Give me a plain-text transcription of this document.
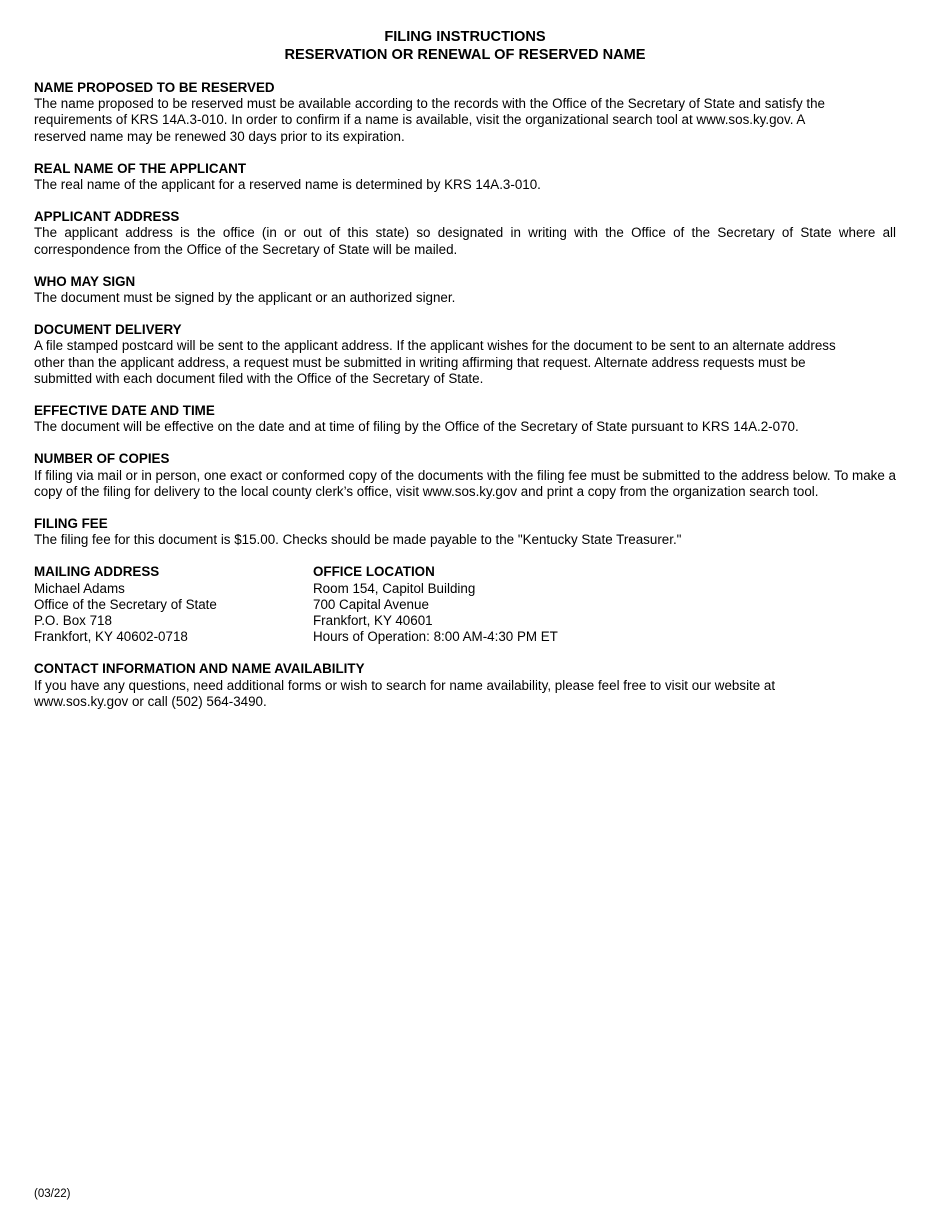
FILING INSTRUCTIONS

RESERVATION OR RENEWAL OF RESERVED NAME

NAME PROPOSED TO BE RESERVED

The name proposed to be reserved must be available according to the records with the Office of the Secretary of State and satisfy the
requirements of KRS 14A.3-010. In order to confirm if a name is available, visit the organizational search tool at www.sos.ky.gov. A
reserved name may be renewed 30 days prior to its expiration.

REAL NAME OF THE APPLICANT

The real name of the applicant for a reserved name is determined by KRS 14A.3-010.

APPLICANT ADDRESS

The applicant address is the office (in or out of this state) so designated in writing with the Office of the Secretary of State where all correspondence from the Office of the Secretary of State will be mailed.

WHO MAY SIGN

The document must be signed by the applicant or an authorized signer.

DOCUMENT DELIVERY

A file stamped postcard will be sent to the applicant address. If the applicant wishes for the document to be sent to an alternate address
other than the applicant address, a request must be submitted in writing affirming that request. Alternate address requests must be
submitted with each document filed with the Office of the Secretary of State.

EFFECTIVE DATE AND TIME

The document will be effective on the date and at time of filing by the Office of the Secretary of State pursuant to KRS 14A.2-070.

NUMBER OF COPIES

If filing via mail or in person, one exact or conformed copy of the documents with the filing fee must be submitted to the address below. To make a copy of the filing for delivery to the local county clerk’s office, visit www.sos.ky.gov and print a copy from the organization search tool.

FILING FEE

The filing fee for this document is $15.00. Checks should be made payable to the "Kentucky State Treasurer."

MAILING ADDRESS

Michael Adams
Office of the Secretary of State
P.O. Box 718
Frankfort, KY 40602-0718

OFFICE LOCATION

Room 154, Capitol Building
700 Capital Avenue
Frankfort, KY 40601
Hours of Operation: 8:00 AM-4:30 PM ET

CONTACT INFORMATION AND NAME AVAILABILITY

If you have any questions, need additional forms or wish to search for name availability, please feel free to visit our website at
www.sos.ky.gov or call (502) 564-3490.

(03/22)
